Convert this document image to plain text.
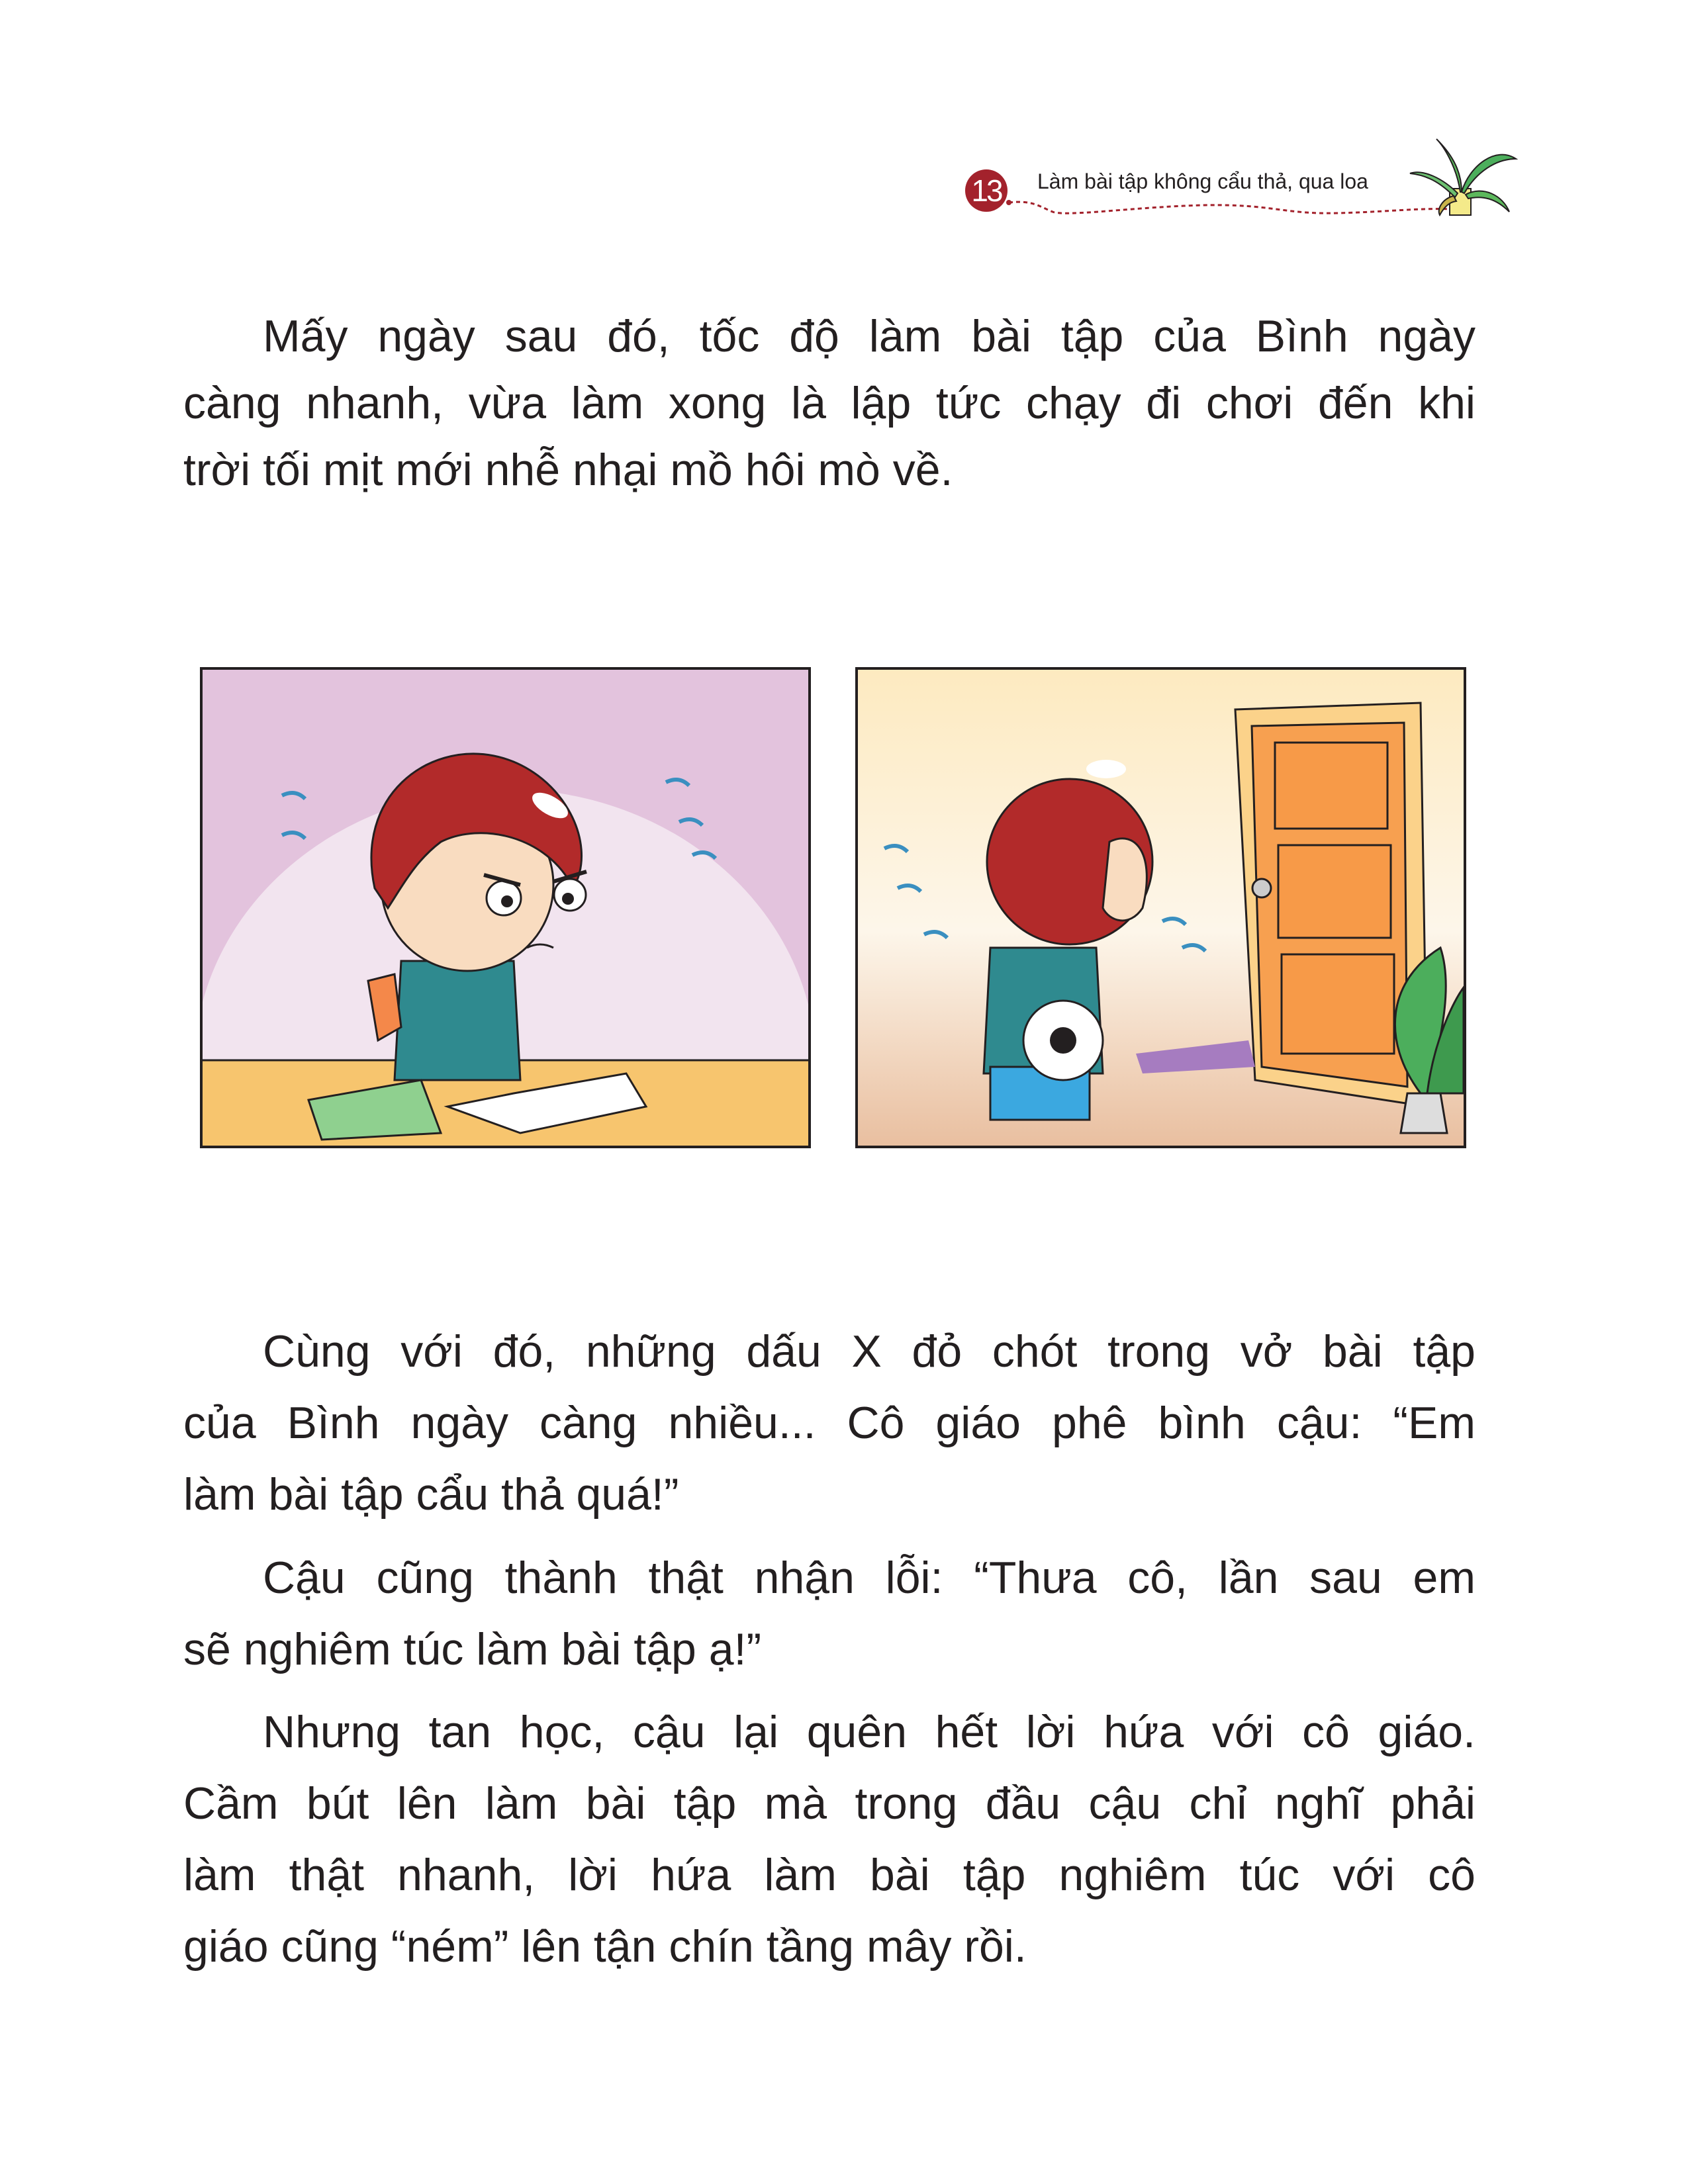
13 Làm bài tập không cẩu thả, qua loa
Mấy ngày sau đó, tốc độ làm bài tập của Bình ngày
càng nhanh, vừa làm xong là lập tức chạy đi chơi đến khi
trời tối mịt mới nhễ nhại mồ hôi mò về.
Cùng với đó, những dấu X đỏ chót trong vở bài tập
của Bình ngày càng nhiều... Cô giáo phê bình cậu: “Em
làm bài tập cẩu thả quá!”
Cậu cũng thành thật nhận lỗi: “Thưa cô, lần sau em
sẽ nghiêm túc làm bài tập ạ!”
Nhưng tan học, cậu lại quên hết lời hứa với cô giáo.
Cầm bút lên làm bài tập mà trong đầu cậu chỉ nghĩ phải
làm thật nhanh, lời hứa làm bài tập nghiêm túc với cô
giáo cũng “ném” lên tận chín tầng mây rồi.
